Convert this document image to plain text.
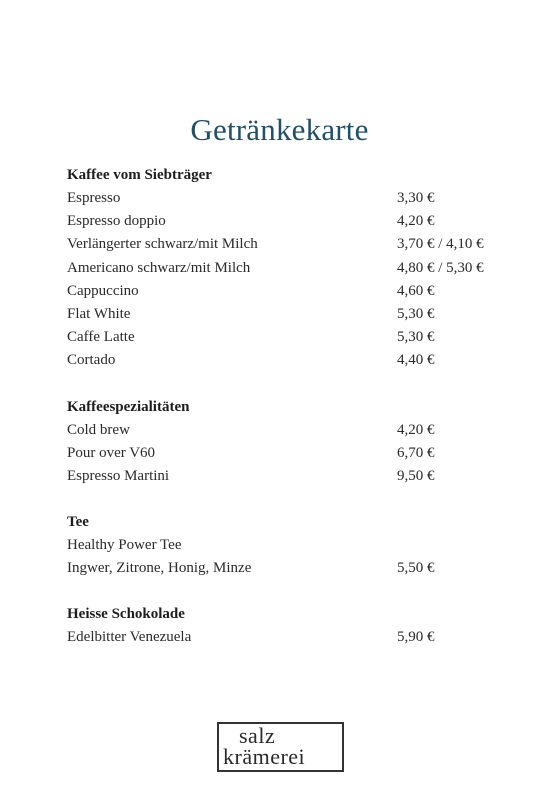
Getränkekarte
Kaffee vom Siebträger
Espresso	3,30 €
Espresso doppio	4,20 €
Verlängerter schwarz/mit Milch	3,70 € / 4,10 €
Americano schwarz/mit Milch	4,80 € / 5,30 €
Cappuccino	4,60 €
Flat White	5,30 €
Caffe Latte	5,30 €
Cortado	4,40 €
Kaffeespezialitäten
Cold brew	4,20 €
Pour over V60	6,70 €
Espresso Martini	9,50 €
Tee
Healthy Power Tee
Ingwer, Zitrone, Honig, Minze	5,50 €
Heisse Schokolade
Edelbitter Venezuela	5,90 €
salz
krämerei
